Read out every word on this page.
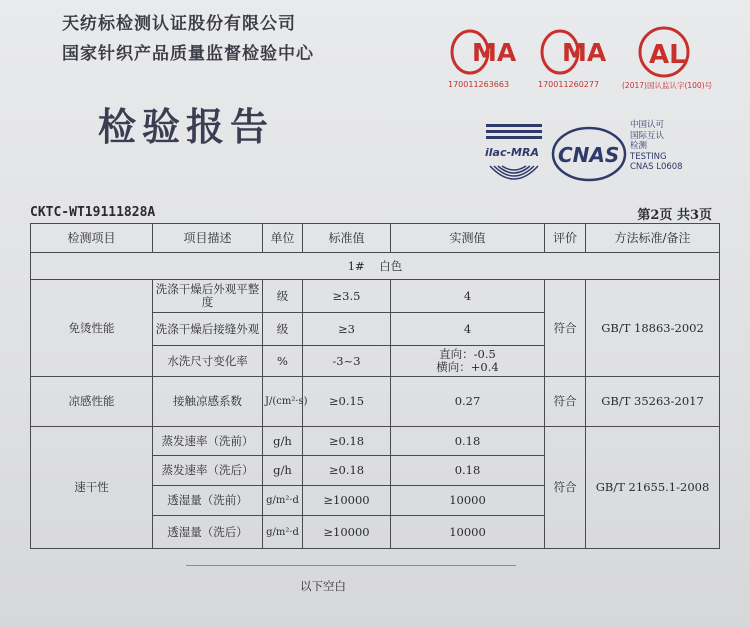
天纺标检测认证股份有限公司
国家针织产品质量监督检验中心
检验报告
MA
170011263663
MA
170011260277
AL
(2017)国认监认字(100)号
ilac-MRA CNAS
中国认可
国际互认
检测
TESTING
CNAS L0608
CKTC-WT19111828A	第2页 共3页
检测项目	项目描述	单位	标准值	实测值	评价	方法标准/备注
1#    白色						
免烫性能	洗涤干燥后外观平整度	级	≥3.5	4	符合	GB/T 18863-2002
	洗涤干燥后接缝外观	级	≥3	4		
	水洗尺寸变化率	%	-3~3	直向：-0.5
横向：+0.4		
凉感性能	接触凉感系数	J/(cm²·s)	≥0.15	0.27	符合	GB/T 35263-2017
速干性	蒸发速率（洗前）	g/h	≥0.18	0.18	符合	GB/T 21655.1-2008
	蒸发速率（洗后）	g/h	≥0.18	0.18		
	透湿量（洗前）	g/m²·d	≥10000	10000		
	透湿量（洗后）	g/m²·d	≥10000	10000		
以下空白
